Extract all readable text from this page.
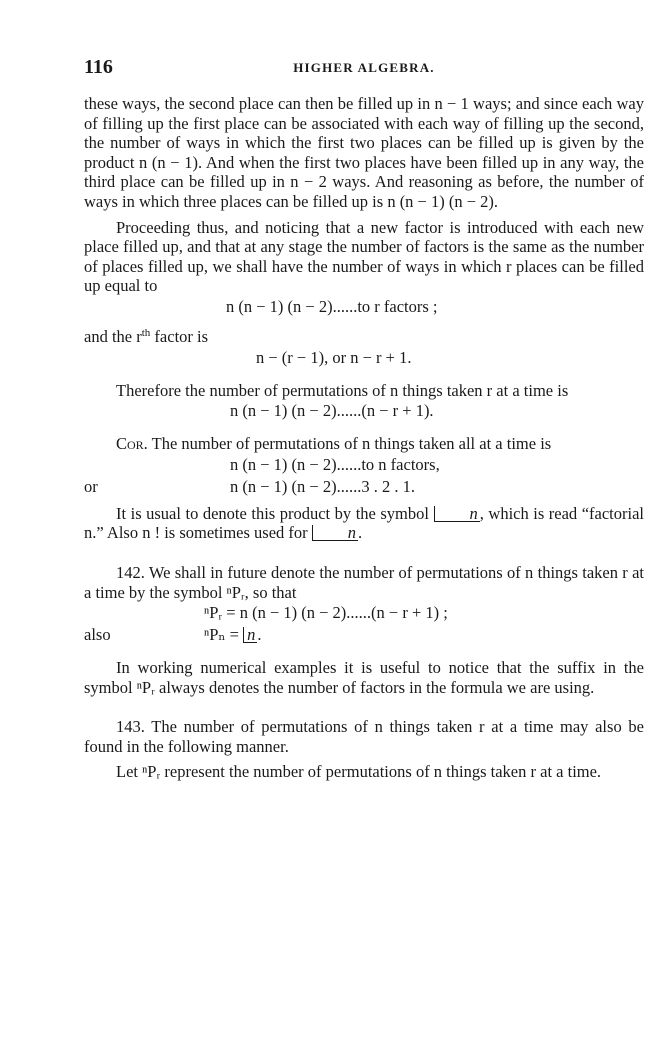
116	HIGHER ALGEBRA.

these ways, the second place can then be filled up in n − 1 ways; and since each way of filling up the first place can be associated with each way of filling up the second, the number of ways in which the first two places can be filled up is given by the product n (n − 1). And when the first two places have been filled up in any way, the third place can be filled up in n − 2 ways. And reasoning as before, the number of ways in which three places can be filled up is n (n − 1) (n − 2).

Proceeding thus, and noticing that a new factor is introduced with each new place filled up, and that at any stage the number of factors is the same as the number of places filled up, we shall have the number of ways in which r places can be filled up equal to

n (n − 1) (n − 2)......to r factors ;

and the $r^{th}$ factor is

n − (r − 1), or n − r + 1.

Therefore the number of permutations of n things taken r at a time is

n (n − 1) (n − 2)......(n − r + 1).

Cor. The number of permutations of n things taken all at a time is

n (n − 1) (n − 2)......to n factors,
or	n (n − 1) (n − 2)......3 . 2 . 1.

It is usual to denote this product by the symbol n , which is read “factorial n.” Also n ! is sometimes used for n .

142. We shall in future denote the number of permutations of n things taken r at a time by the symbol ⁿPᵣ, so that

ⁿPᵣ = n (n − 1) (n − 2)......(n − r + 1) ;
also	ⁿPₙ = n .

In working numerical examples it is useful to notice that the suffix in the symbol ⁿPᵣ always denotes the number of factors in the formula we are using.

143. The number of permutations of n things taken r at a time may also be found in the following manner.

Let ⁿPᵣ represent the number of permutations of n things taken r at a time.
